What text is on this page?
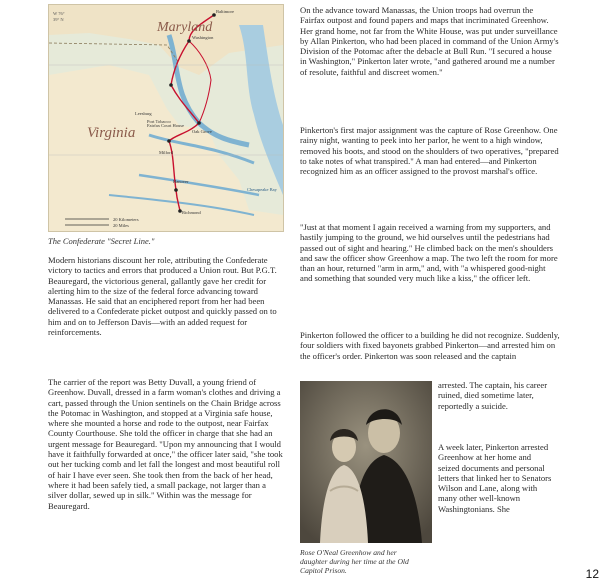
Maryland
Virginia
Baltimore
Washington
Leesburg
Fairfax Court House
Port Tobacco
Oak Grove
Milford
Hanover
Richmond
Chesapeake Bay
W 76°
39° N
20 Kilometers
20 Miles
The Confederate "Secret Line."

Modern historians discount her role, attributing the Confederate victory to tactics and errors that produced a Union rout. But P.G.T. Beauregard, the victorious general, gallantly gave her credit for alerting him to the size of the federal force advancing toward Manassas. He said that an enciphered report from her had been delivered to a Confederate picket outpost and quickly passed on to him and on to Jefferson Davis—with an added request for reinforcements.

The carrier of the report was Betty Duvall, a young friend of Greenhow. Duvall, dressed in a farm woman's clothes and driving a cart, passed through the Union sentinels on the Chain Bridge across the Potomac in Washington, and stopped at a Virginia safe house, where she mounted a horse and rode to the outpost, near Fairfax County Courthouse. She told the officer in charge that she had an urgent message for Beauregard. "Upon my announcing that I would have it faithfully forwarded at once," the officer later said, "she took out her tucking comb and let fall the longest and most beautiful roll of hair I have ever seen. She took then from the back of her head, where it had been safely tied, a small package, not larger than a silver dollar, sewed up in silk." Within was the message for Beauregard.

On the advance toward Manassas, the Union troops had overrun the Fairfax outpost and found papers and maps that incriminated Greenhow. Her grand home, not far from the White House, was put under surveillance by Allan Pinkerton, who had been placed in command of the Union Army's Division of the Potomac after the debacle at Bull Run. "I secured a house in Washington," Pinkerton later wrote, "and gathered around me a number of resolute, faithful and discreet women."

Pinkerton's first major assignment was the capture of Rose Greenhow. One rainy night, wanting to peek into her parlor, he went to a high window, removed his boots, and stood on the shoulders of two operatives, "prepared to take notes of what transpired." A man had entered—and Pinkerton recognized him as an officer assigned to the provost marshal's office.

"Just at that moment I again received a warning from my supporters, and hastily jumping to the ground, we hid ourselves until the pedestrians had passed out of sight and hearing." He climbed back on the men's shoulders and saw the officer show Greenhow a map. The two left the room for more than an hour, returned "arm in arm," and, with "a whispered good-night and something that sounded very much like a kiss," the officer left.

Pinkerton followed the officer to a building he did not recognize. Suddenly, four soldiers with fixed bayonets grabbed Pinkerton—and arrested him on the officer's order. Pinkerton was soon released and the captain

Rose O'Neal Greenhow and her daughter during her time at the Old Capitol Prison.

arrested. The captain, his career ruined, died sometime later, reportedly a suicide.

A week later, Pinkerton arrested Greenhow at her home and seized documents and personal letters that linked her to Senators Wilson and Lane, along with many other well-known Washingtonians. She

12
